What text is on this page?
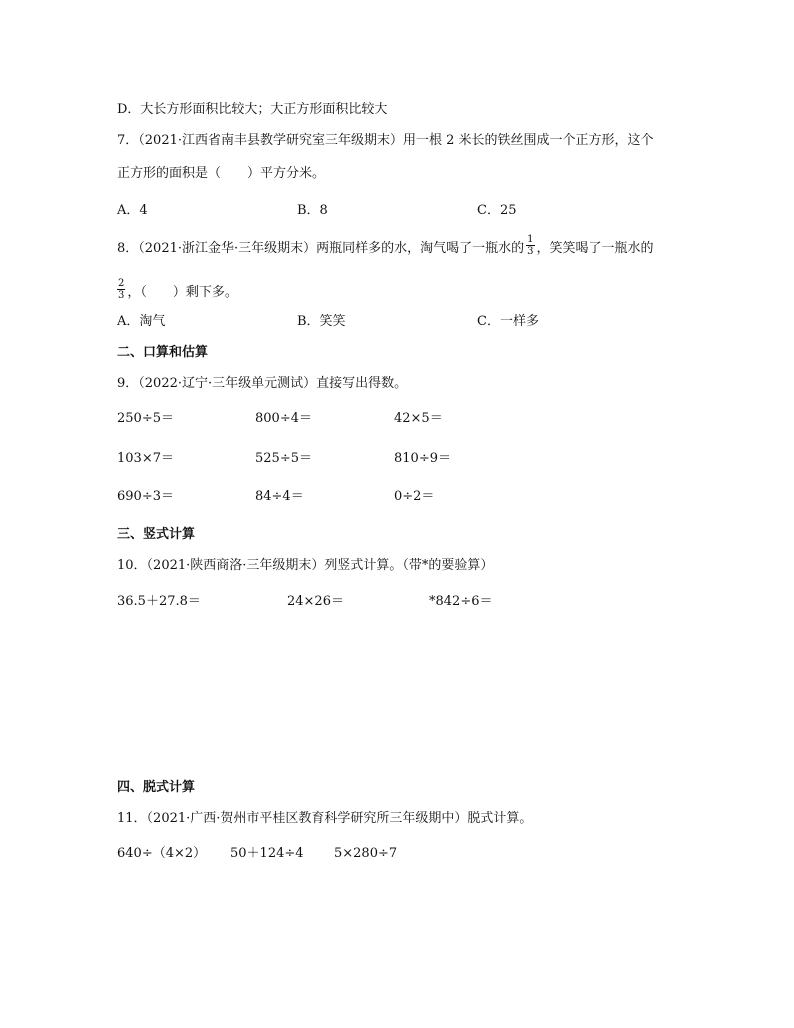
D．大长方形面积比较大；大正方形面积比较大
7．（2021·江西省南丰县教学研究室三年级期末）用一根 2 米长的铁丝围成一个正方形，这个
正方形的面积是（　　）平方分米。
A．4	B．8	C．25
8．（2021·浙江金华·三年级期末）两瓶同样多的水，淘气喝了一瓶水的 $\frac{1}{3}$ ，笑笑喝了一瓶水的
$\frac{2}{3}$ ，（　　）剩下多。
A．淘气	B．笑笑	C．一样多
二、口算和估算
9．（2022·辽宁·三年级单元测试）直接写出得数。
250÷5＝	800÷4＝	42×5＝
103×7＝	525÷5＝	810÷9＝
690÷3＝	84÷4＝	0÷2＝
三、竖式计算
10．（2021·陕西商洛·三年级期末）列竖式计算。（带*的要验算）
36.5＋27.8＝	24×26＝	*842÷6＝
四、脱式计算
11．（2021·广西·贺州市平桂区教育科学研究所三年级期中）脱式计算。
640÷（4×2） 50＋124÷4 5×280÷7
